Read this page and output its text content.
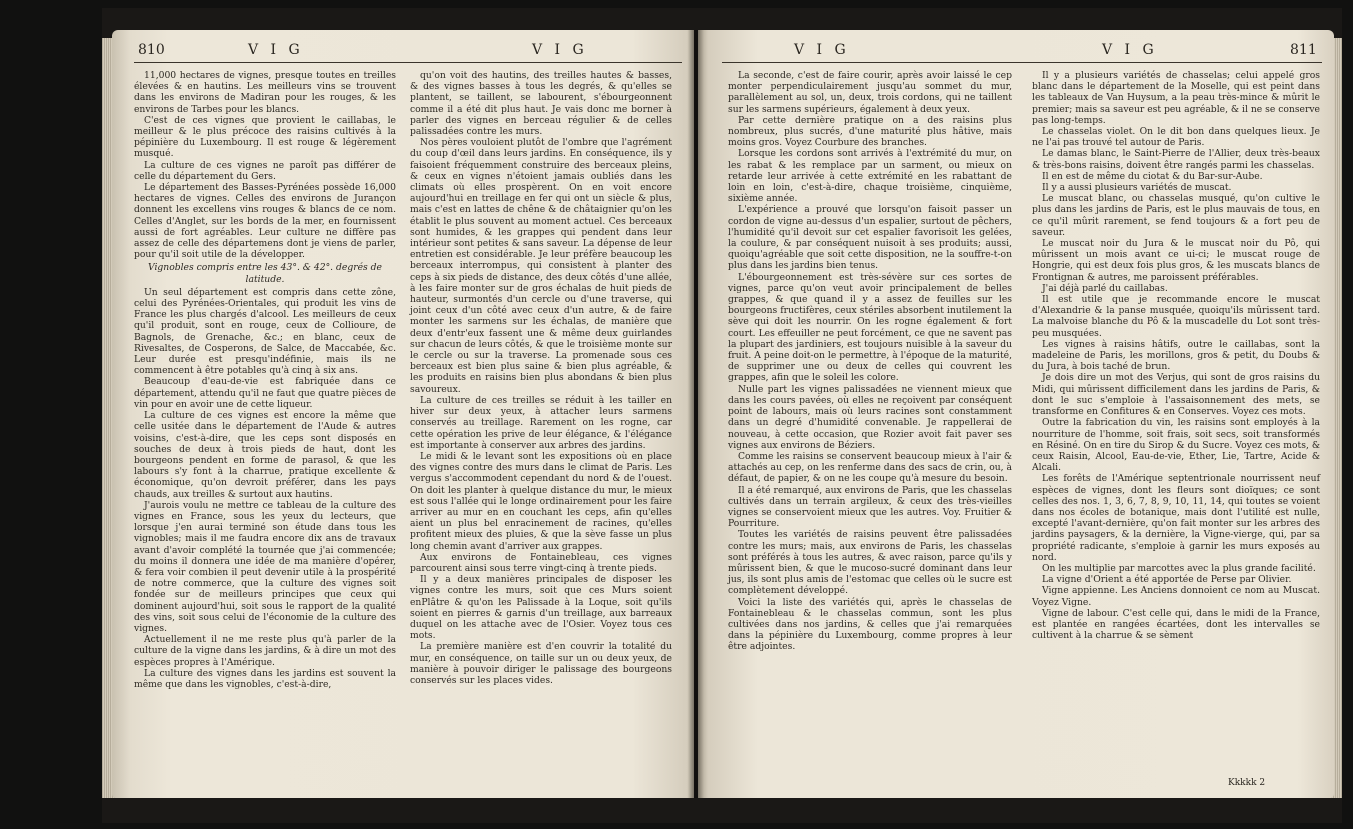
810	V I G	V I G

11,000 hectares de vignes, presque toutes en treilles élevées & en hautins. Les meilleurs vins se trouvent dans les environs de Madiran pour les rouges, & les environs de Tarbes pour les blancs.

C'est de ces vignes que provient le caillabas, le meilleur & le plus précoce des raisins cultivés à la pépinière du Luxembourg. Il est rouge & légèrement musqué.

La culture de ces vignes ne paroît pas différer de celle du département du Gers.

Le département des Basses-Pyrénées possède 16,000 hectares de vignes. Celles des environs de Jurançon donnent les excellens vins rouges & blancs de ce nom. Celles d'Anglet, sur les bords de la mer, en fournissent aussi de fort agréables. Leur culture ne diffère pas assez de celle des départemens dont je viens de parler, pour qu'il soit utile de la développer.

Vignobles compris entre les 43°. & 42°. degrés de latitude.

Un seul département est compris dans cette zône, celui des Pyrénées-Orientales, qui produit les vins de France les plus chargés d'alcool. Les meilleurs de ceux qu'il produit, sont en rouge, ceux de Collioure, de Bagnols, de Grenache, &c.; en blanc, ceux de Rivesaltes, de Cosperons, de Salce, de Maccabée, &c. Leur durée est presqu'indéfinie, mais ils ne commencent à être potables qu'à cinq à six ans.

Beaucoup d'eau-de-vie est fabriquée dans ce département, attendu qu'il ne faut que quatre pièces de vin pour en avoir une de cette liqueur.

La culture de ces vignes est encore la même que celle usitée dans le département de l'Aude & autres voisins, c'est-à-dire, que les ceps sont disposés en souches de deux à trois pieds de haut, dont les bourgeons pendent en forme de parasol, & que les labours s'y font à la charrue, pratique excellente & économique, qu'on devroit préférer, dans les pays chauds, aux treilles & surtout aux hautins.

J'aurois voulu ne mettre ce tableau de la culture des vignes en France, sous les yeux du lecteurs, que lorsque j'en aurai terminé son étude dans tous les vignobles; mais il me faudra encore dix ans de travaux avant d'avoir complété la tournée que j'ai commencée; du moins il donnera une idée de ma manière d'opérer, & fera voir combien il peut devenir utile à la prospérité de notre commerce, que la culture des vignes soit fondée sur de meilleurs principes que ceux qui dominent aujourd'hui, soit sous le rapport de la qualité des vins, soit sous celui de l'économie de la culture des vignes.

Actuellement il ne me reste plus qu'à parler de la culture de la vigne dans les jardins, & à dire un mot des espèces propres à l'Amérique.

La culture des vignes dans les jardins est souvent la même que dans les vignobles, c'est-à-dire,

qu'on voit des hautins, des treilles hautes & basses, & des vignes basses à tous les degrés, & qu'elles se plantent, se taillent, se labourent, s'ébourgeonnent comme il a été dit plus haut. Je vais donc me borner à parler des vignes en berceau régulier & de celles palissadées contre les murs.

Nos pères vouloient plutôt de l'ombre que l'agrément du coup d'œil dans leurs jardins. En conséquence, ils y faisoient fréquemment construire des berceaux pleins, & ceux en vignes n'étoient jamais oubliés dans les climats où elles prospèrent. On en voit encore aujourd'hui en treillage en fer qui ont un siècle & plus, mais c'est en lattes de chêne & de châtaignier qu'on les établit le plus souvent au moment actuel. Ces berceaux sont humides, & les grappes qui pendent dans leur intérieur sont petites & sans saveur. La dépense de leur entretien est considérable. Je leur préfère beaucoup les berceaux interrompus, qui consistent à planter des ceps à six pieds de distance, des deux côtés d'une allée, à les faire monter sur de gros échalas de huit pieds de hauteur, surmontés d'un cercle ou d'une traverse, qui joint ceux d'un côté avec ceux d'un autre, & de faire monter les sarmens sur les échalas, de manière que deux d'entr'eux fassent une & même deux guirlandes sur chacun de leurs côtés, & que le troisième monte sur le cercle ou sur la traverse. La promenade sous ces berceaux est bien plus saine & bien plus agréable, & les produits en raisins bien plus abondans & bien plus savoureux.

La culture de ces treilles se réduit à les tailler en hiver sur deux yeux, à attacher leurs sarmens conservés au treillage. Rarement on les rogne, car cette opération les prive de leur élégance, & l'élégance est importante à conserver aux arbres des jardins.

Le midi & le levant sont les expositions où en place des vignes contre des murs dans le climat de Paris. Les vergus s'accommodent cependant du nord & de l'ouest. On doit les planter à quelque distance du mur, le mieux est sous l'allée qui le longe ordinairement pour les faire arriver au mur en en couchant les ceps, afin qu'elles aient un plus bel enracinement de racines, qu'elles profitent mieux des pluies, & que la sève fasse un plus long chemin avant d'arriver aux grappes.

Aux environs de Fontainebleau, ces vignes parcourent ainsi sous terre vingt-cinq à trente pieds.

Il y a deux manières principales de disposer les vignes contre les murs, soit que ces Murs soient enPlâtre & qu'on les Palissade à la Loque, soit qu'ils soient en pierres & garnis d'un treillage, aux barreaux duquel on les attache avec de l'Osier. Voyez tous ces mots.

La première manière est d'en couvrir la totalité du mur, en conséquence, on taille sur un ou deux yeux, de manière à pouvoir diriger le palissage des bourgeons conservés sur les places vides.

V I G	V I G	811

La seconde, c'est de faire courir, après avoir laissé le cep monter perpendiculairement jusqu'au sommet du mur, parallèlement au sol, un, deux, trois cordons, qui ne taillent sur les sarmens supérieurs, également à deux yeux.

Par cette dernière pratique on a des raisins plus nombreux, plus sucrés, d'une maturité plus hâtive, mais moins gros. Voyez Courbure des branches.

Lorsque les cordons sont arrivés à l'extrémité du mur, on les rabat & les remplace par un sarment, ou mieux on retarde leur arrivée à cette extrémité en les rabattant de loin en loin, c'est-à-dire, chaque troisième, cinquième, sixième année.

L'expérience a prouvé que lorsqu'on faisoit passer un cordon de vigne au-dessus d'un espalier, surtout de pêchers, l'humidité qu'il devoit sur cet espalier favorisoit les gelées, la coulure, & par conséquent nuisoit à ses produits; aussi, quoiqu'agréable que soit cette disposition, ne la souffre-t-on plus dans les jardins bien tenus.

L'ébourgeonnement est très-sévère sur ces sortes de vignes, parce qu'on veut avoir principalement de belles grappes, & que quand il y a assez de feuilles sur les bourgeons fructifères, ceux stériles absorbent inutilement la sève qui doit les nourrir. On les rogne également & fort court. Les effeuiller ne peut forcément, ce que ne savent pas la plupart des jardiniers, est toujours nuisible à la saveur du fruit. A peine doit-on le permettre, à l'époque de la maturité, de supprimer une ou deux de celles qui couvrent les grappes, afin que le soleil les colore.

Nulle part les vignes palissadées ne viennent mieux que dans les cours pavées, où elles ne reçoivent par conséquent point de labours, mais où leurs racines sont constamment dans un degré d'humidité convenable. Je rappellerai de nouveau, à cette occasion, que Rozier avoit fait paver ses vignes aux environs de Béziers.

Comme les raisins se conservent beaucoup mieux à l'air & attachés au cep, on les renferme dans des sacs de crin, ou, à défaut, de papier, & on ne les coupe qu'à mesure du besoin.

Il a été remarqué, aux environs de Paris, que les chasselas cultivés dans un terrain argileux, & ceux des très-vieilles vignes se conservoient mieux que les autres. Voy. Fruitier & Pourriture.

Toutes les variétés de raisins peuvent être palissadées contre les murs; mais, aux environs de Paris, les chasselas sont préférés à tous les autres, & avec raison, parce qu'ils y mûrissent bien, & que le mucoso-sucré dominant dans leur jus, ils sont plus amis de l'estomac que celles où le sucre est complètement développé.

Voici la liste des variétés qui, après le chasselas de Fontainebleau & le chasselas commun, sont les plus cultivées dans nos jardins, & celles que j'ai remarquées dans la pépinière du Luxembourg, comme propres à leur être adjointes.

Il y a plusieurs variétés de chasselas; celui appelé gros blanc dans le département de la Moselle, qui est peint dans les tableaux de Van Huysum, a la peau très-mince & mûrit le premier; mais sa saveur est peu agréable, & il ne se conserve pas long-temps.

Le chasselas violet. On le dit bon dans quelques lieux. Je ne l'ai pas trouvé tel autour de Paris.

Le damas blanc, le Saint-Pierre de l'Allier, deux très-beaux & très-bons raisins, doivent être rangés parmi les chasselas.

Il en est de même du ciotat & du Bar-sur-Aube.

Il y a aussi plusieurs variétés de muscat.

Le muscat blanc, ou chasselas musqué, qu'on cultive le plus dans les jardins de Paris, est le plus mauvais de tous, en ce qu'il mûrit rarement, se fend toujours & a fort peu de saveur.

Le muscat noir du Jura & le muscat noir du Pô, qui mûrissent un mois avant ce ui-ci; le muscat rouge de Hongrie, qui est deux fois plus gros, & les muscats blancs de Frontignan & autres, me paroissent préférables.

J'ai déjà parlé du caillabas.

Il est utile que je recommande encore le muscat d'Alexandrie & la panse musquée, quoiqu'ils mûrissent tard. La malvoise blanche du Pô & la muscadelle du Lot sont très-peu musquées.

Les vignes à raisins hâtifs, outre le caillabas, sont la madeleine de Paris, les morillons, gros & petit, du Doubs & du Jura, à bois taché de brun.

Je dois dire un mot des Verjus, qui sont de gros raisins du Midi, qui mûrissent difficilement dans les jardins de Paris, & dont le suc s'emploie à l'assaisonnement des mets, se transforme en Confitures & en Conserves. Voyez ces mots.

Outre la fabrication du vin, les raisins sont employés à la nourriture de l'homme, soit frais, soit secs, soit transformés en Résiné. On en tire du Sirop & du Sucre. Voyez ces mots, & ceux Raisin, Alcool, Eau-de-vie, Ether, Lie, Tartre, Acide & Alcali.

Les forêts de l'Amérique septentrionale nourrissent neuf espèces de vignes, dont les fleurs sont dioïques; ce sont celles des nos. 1, 3, 6, 7, 8, 9, 10, 11, 14, qui toutes se voient dans nos écoles de botanique, mais dont l'utilité est nulle, excepté l'avant-dernière, qu'on fait monter sur les arbres des jardins paysagers, & la dernière, la Vigne-vierge, qui, par sa propriété radicante, s'emploie à garnir les murs exposés au nord.

On les multiplie par marcottes avec la plus grande facilité.

La vigne d'Orient a été apportée de Perse par Olivier.

Vigne appienne. Les Anciens donnoient ce nom au Muscat. Voyez Vigne.

Vigne de labour. C'est celle qui, dans le midi de la France, est plantée en rangées écartées, dont les intervalles se cultivent à la charrue & se sèment

Kkkkk 2
